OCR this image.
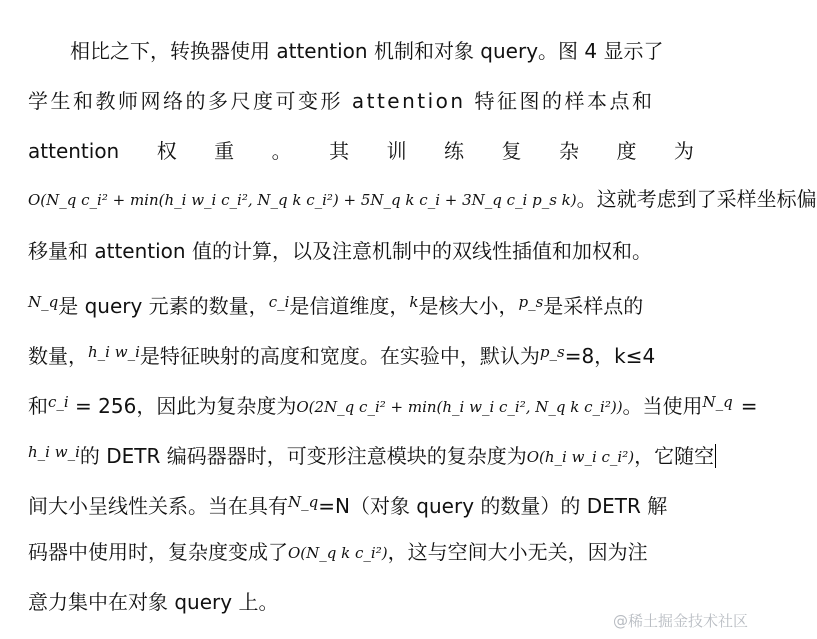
相比之下，转换器使用 attention 机制和对象 query。图 4 显示了
学生和教师网络的多尺度可变形 attention 特征图的样本点和
attention 权 重 。 其 训 练 复 杂 度 为
O(N_q c_i² + min(h_i w_i c_i², N_q k c_i²) + 5N_q k c_i + 3N_q c_i p_s k)。这就考虑到了采样坐标偏
移量和 attention 值的计算，以及注意机制中的双线性插值和加权和。
$^{N\_q}$是 query 元素的数量，$^{c\_i}$是信道维度，$^k$是核大小，$^{p\_s}$是采样点的
数量，$^{h\_i w\_i}$是特征映射的高度和宽度。在实验中，默认为$^{p\_s}$=8，k≤4
和$^{c\_i}$ = 256，因此为复杂度为O(2N_q c_i² + min(h_i w_i c_i², N_q k c_i²))。当使用$^{N\_q}$ =
$^{h\_i w\_i}$的 DETR 编码器器时，可变形注意模块的复杂度为O(h_i w_i c_i²)，它随空
间大小呈线性关系。当在具有$^{N\_q}$=N（对象 query 的数量）的 DETR 解
码器中使用时，复杂度变成了O(N_q k c_i²)，这与空间大小无关，因为注
意力集中在对象 query 上。
@稀土掘金技术社区
